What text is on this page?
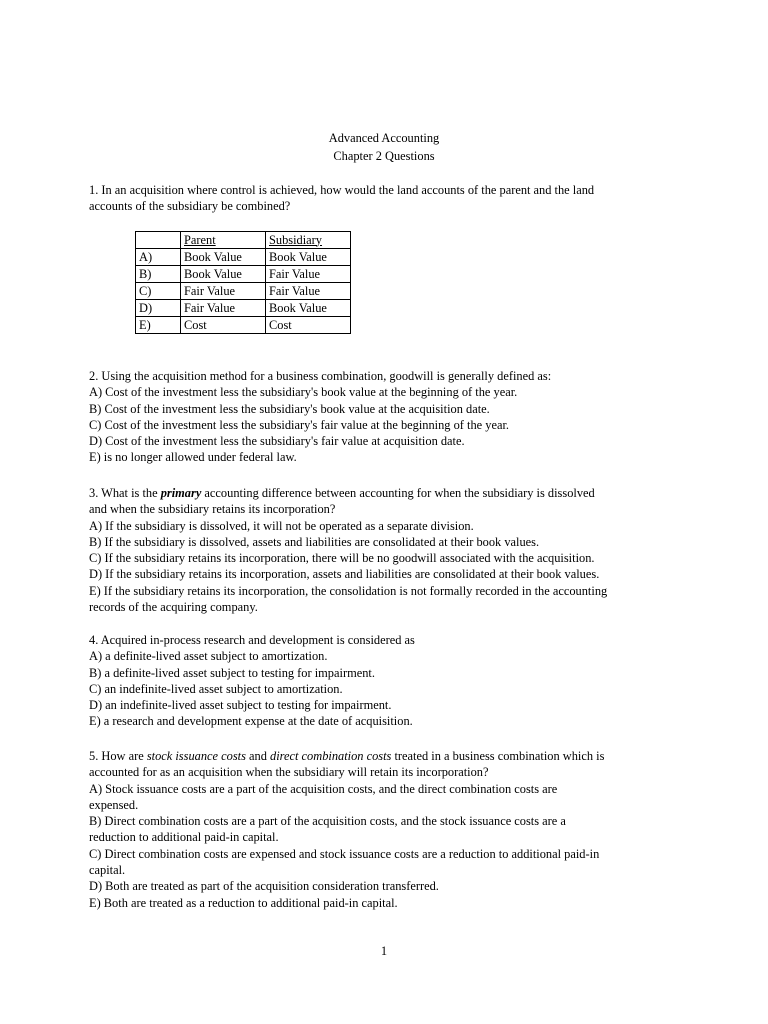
Advanced Accounting
Chapter 2 Questions

1. In an acquisition where control is achieved, how would the land accounts of the parent and the land

accounts of the subsidiary be combined?

	Parent	Subsidiary
A)	Book Value	Book Value
B)	Book Value	Fair Value
C)	Fair Value	Fair Value
D)	Fair Value	Book Value
E)	Cost	Cost

2. Using the acquisition method for a business combination, goodwill is generally defined as:

A) Cost of the investment less the subsidiary's book value at the beginning of the year.

B) Cost of the investment less the subsidiary's book value at the acquisition date.

C) Cost of the investment less the subsidiary's fair value at the beginning of the year.

D) Cost of the investment less the subsidiary's fair value at acquisition date.

E) is no longer allowed under federal law.

3. What is the primary accounting difference between accounting for when the subsidiary is dissolved

and when the subsidiary retains its incorporation?

A) If the subsidiary is dissolved, it will not be operated as a separate division.

B) If the subsidiary is dissolved, assets and liabilities are consolidated at their book values.

C) If the subsidiary retains its incorporation, there will be no goodwill associated with the acquisition.

D) If the subsidiary retains its incorporation, assets and liabilities are consolidated at their book values.

E) If the subsidiary retains its incorporation, the consolidation is not formally recorded in the accounting

records of the acquiring company.

4. Acquired in-process research and development is considered as

A) a definite-lived asset subject to amortization.

B) a definite-lived asset subject to testing for impairment.

C) an indefinite-lived asset subject to amortization.

D) an indefinite-lived asset subject to testing for impairment.

E) a research and development expense at the date of acquisition.

5. How are stock issuance costs and direct combination costs treated in a business combination which is

accounted for as an acquisition when the subsidiary will retain its incorporation?

A) Stock issuance costs are a part of the acquisition costs, and the direct combination costs are

expensed.

B) Direct combination costs are a part of the acquisition costs, and the stock issuance costs are a

reduction to additional paid-in capital.

C) Direct combination costs are expensed and stock issuance costs are a reduction to additional paid-in

capital.

D) Both are treated as part of the acquisition consideration transferred.

E) Both are treated as a reduction to additional paid-in capital.

1
